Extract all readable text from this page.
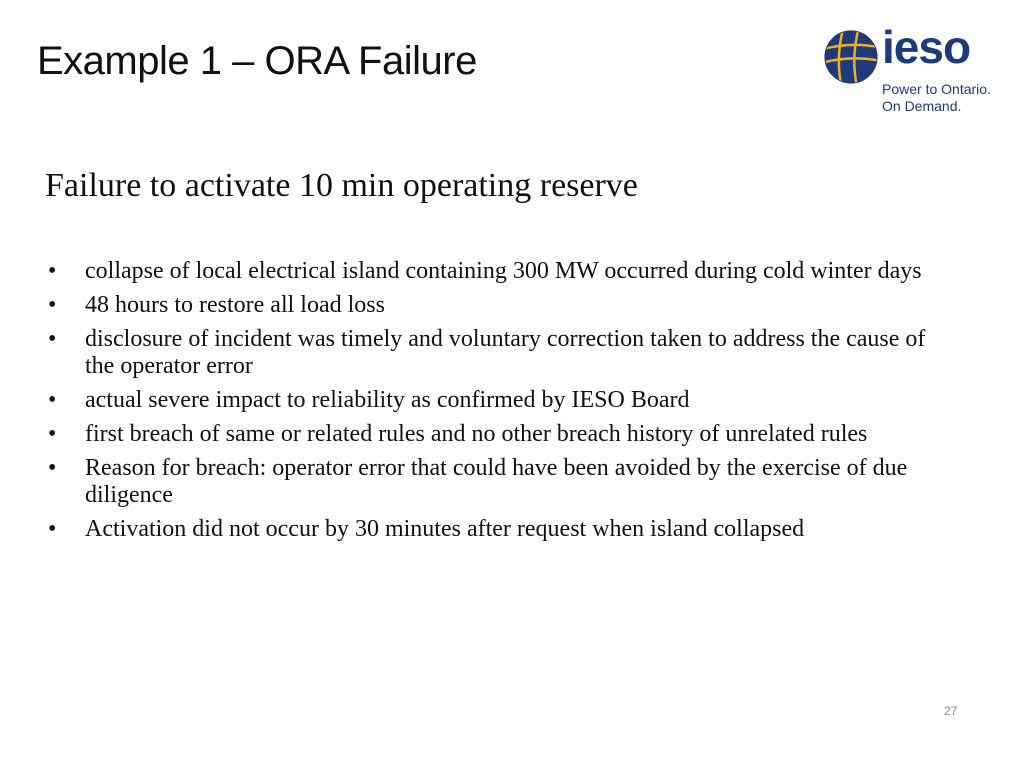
Example 1 – ORA Failure	ieso
Power to Ontario.
On Demand.
Failure to activate 10 min operating reserve
• collapse of local electrical island containing 300 MW occurred during cold winter days
• 48 hours to restore all load loss
• disclosure of incident was timely and voluntary correction taken to address the cause of the operator error
• actual severe impact to reliability as confirmed by IESO Board
• first breach of same or related rules and no other breach history of unrelated rules
• Reason for breach: operator error that could have been avoided by the exercise of due diligence
• Activation did not occur by 30 minutes after request when island collapsed
27
